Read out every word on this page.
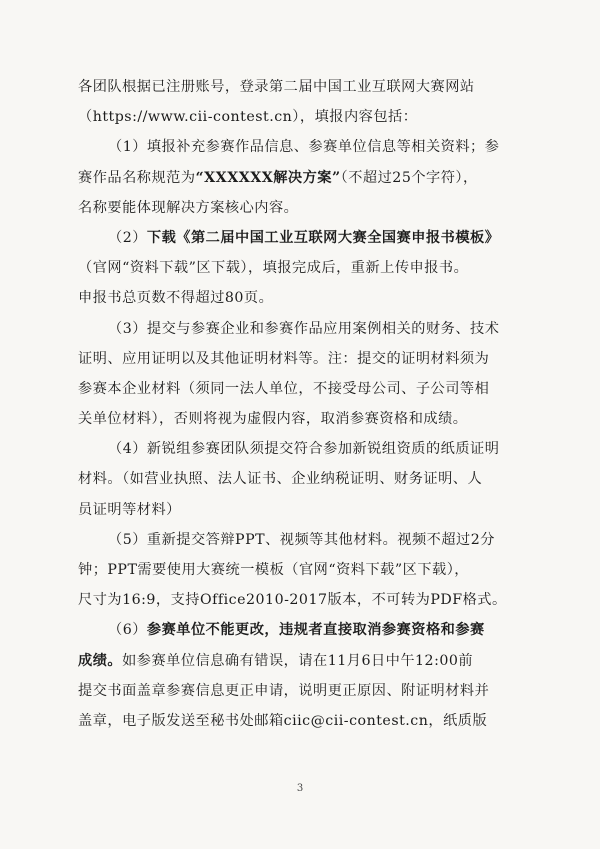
各团队根据已注册账号，登录第二届中国工业互联网大赛网站
（https://www.cii-contest.cn），填报内容包括：
（1）填报补充参赛作品信息、参赛单位信息等相关资料；参
赛作品名称规范为“XXXXXX解决方案”（不超过25个字符），
名称要能体现解决方案核心内容。
（2）下载《第二届中国工业互联网大赛全国赛申报书模板》
（官网“资料下载”区下载），填报完成后，重新上传申报书。
申报书总页数不得超过80页。
（3）提交与参赛企业和参赛作品应用案例相关的财务、技术
证明、应用证明以及其他证明材料等。注：提交的证明材料须为
参赛本企业材料（须同一法人单位，不接受母公司、子公司等相
关单位材料），否则将视为虚假内容，取消参赛资格和成绩。
（4）新锐组参赛团队须提交符合参加新锐组资质的纸质证明
材料。（如营业执照、法人证书、企业纳税证明、财务证明、人
员证明等材料）
（5）重新提交答辩PPT、视频等其他材料。视频不超过2分
钟；PPT需要使用大赛统一模板（官网“资料下载”区下载），
尺寸为16:9，支持Office2010-2017版本，不可转为PDF格式。
（6）参赛单位不能更改，违规者直接取消参赛资格和参赛
成绩。如参赛单位信息确有错误，请在11月6日中午12:00前
提交书面盖章参赛信息更正申请，说明更正原因、附证明材料并
盖章，电子版发送至秘书处邮箱ciic@cii-contest.cn，纸质版
3
